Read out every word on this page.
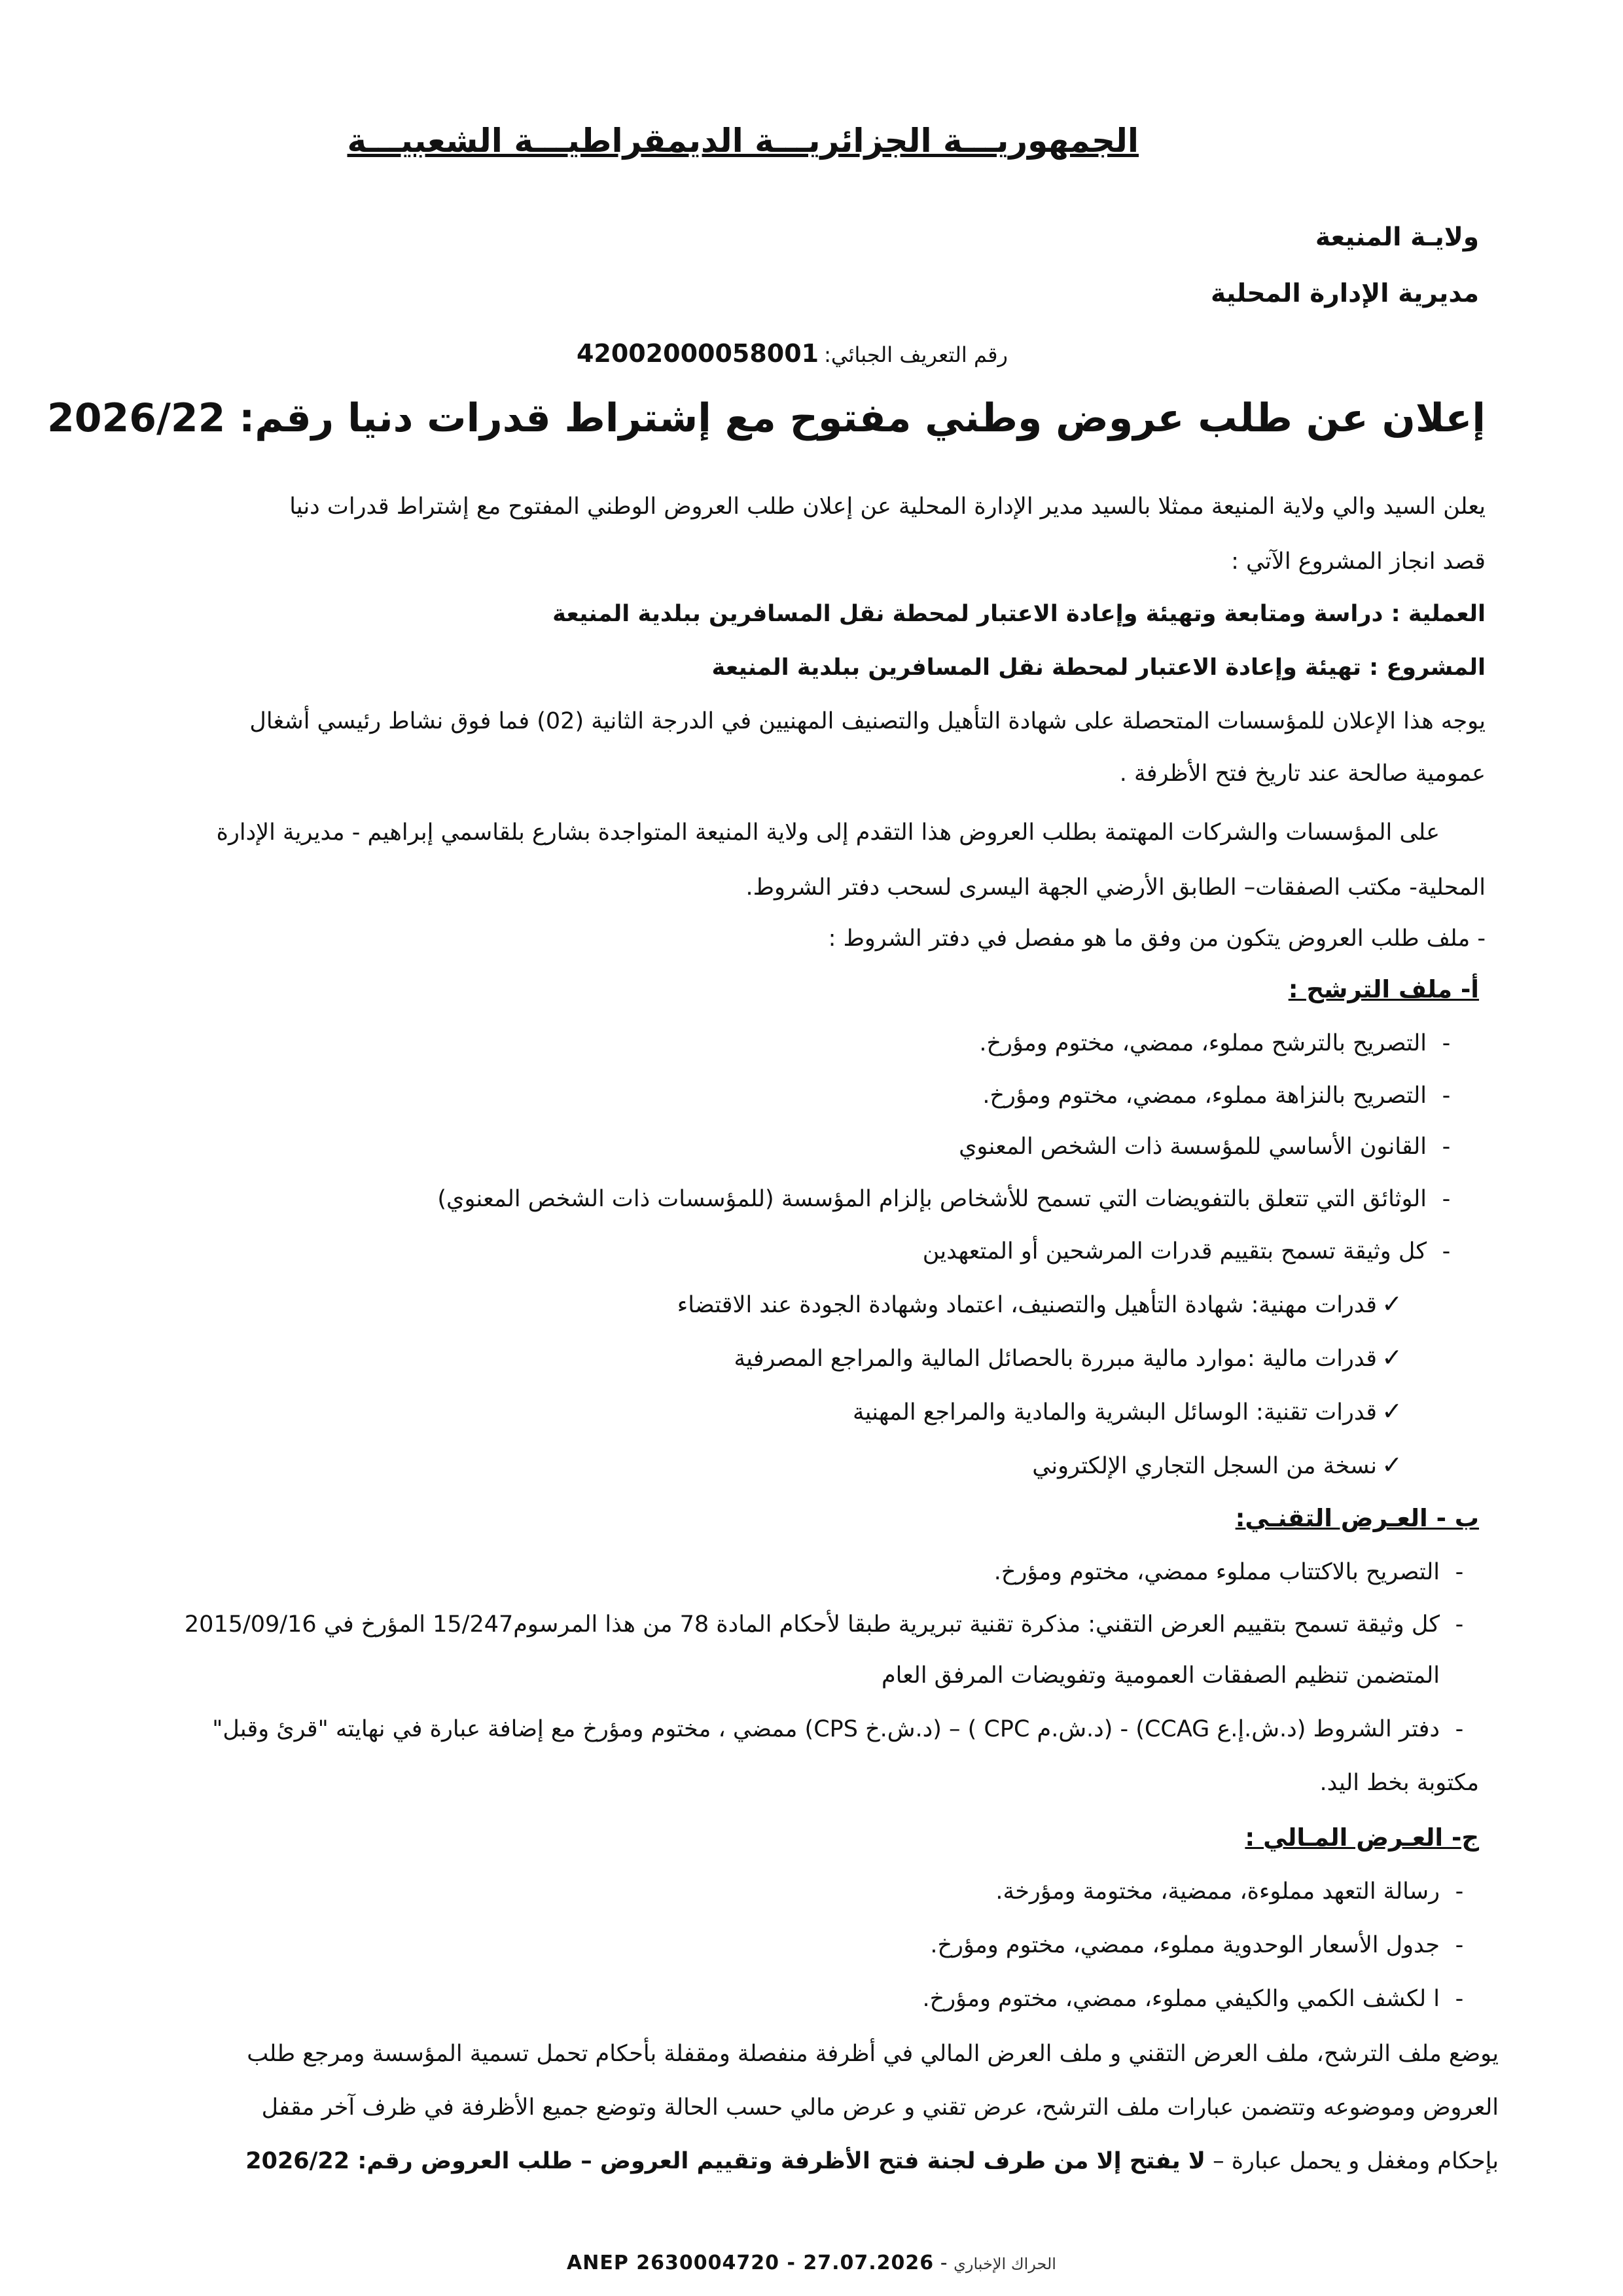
الجمهوريـــة الجزائريـــة الديمقراطيـــة الشعبيـــة
ولايـة المنيعة
مديرية الإدارة المحلية
رقم التعريف الجبائي:42002000058001
إعلان عن طلب عروض وطني مفتوح مع إشتراط قدرات دنيا رقم: 2026/22
يعلن السيد والي ولاية المنيعة ممثلا بالسيد مدير الإدارة المحلية عن إعلان طلب العروض الوطني المفتوح مع إشتراط قدرات دنيا
قصد انجاز المشروع الآتي :
العملية : دراسة ومتابعة وتهيئة وإعادة الاعتبار لمحطة نقل المسافرين ببلدية المنيعة
المشروع : تهيئة وإعادة الاعتبار لمحطة نقل المسافرين ببلدية المنيعة
يوجه هذا الإعلان للمؤسسات المتحصلة على شهادة التأهيل والتصنيف المهنيين في الدرجة الثانية (02) فما فوق نشاط رئيسي أشغال
عمومية صالحة عند تاريخ فتح الأظرفة .
على المؤسسات والشركات المهتمة بطلب العروض هذا التقدم إلى ولاية المنيعة المتواجدة بشارع بلقاسمي إبراهيم - مديرية الإدارة
المحلية- مكتب الصفقات– الطابق الأرضي الجهة اليسرى لسحب دفتر الشروط.
- ملف طلب العروض يتكون من وفق ما هو مفصل في دفتر الشروط :
أ- ملف الترشح :
-التصريح بالترشح مملوء، ممضي، مختوم ومؤرخ.
-التصريح بالنزاهة مملوء، ممضي، مختوم ومؤرخ.
-القانون الأساسي للمؤسسة ذات الشخص المعنوي
-الوثائق التي تتعلق بالتفويضات التي تسمح للأشخاص بإلزام المؤسسة (للمؤسسات ذات الشخص المعنوي)
-كل وثيقة تسمح بتقييم قدرات المرشحين أو المتعهدين
✓قدرات مهنية: شهادة التأهيل والتصنيف، اعتماد وشهادة الجودة عند الاقتضاء
✓قدرات مالية :موارد مالية مبررة بالحصائل المالية والمراجع المصرفية
✓قدرات تقنية: الوسائل البشرية والمادية والمراجع المهنية
✓نسخة من السجل التجاري الإلكتروني
ب - العـرض التقنـي:
-التصريح بالاكتتاب مملوء ممضي، مختوم ومؤرخ.
-كل وثيقة تسمح بتقييم العرض التقني: مذكرة تقنية تبريرية طبقا لأحكام المادة 78 من هذا المرسوم15/247 المؤرخ في 2015/09/16
المتضمن تنظيم الصفقات العمومية وتفويضات المرفق العام
-دفتر الشروط (د.ش.إ.ع CCAG) - (د.ش.م CPC ) – (د.ش.خ CPS) ممضي ، مختوم ومؤرخ مع إضافة عبارة في نهايته "قرئ وقبل"
مكتوبة بخط اليد.
ج- العـرض المـالي :
-رسالة التعهد مملوءة، ممضية، مختومة ومؤرخة.
-جدول الأسعار الوحدوية مملوء، ممضي، مختوم ومؤرخ.
-ا لكشف الكمي والكيفي مملوء، ممضي، مختوم ومؤرخ.
يوضع ملف الترشح، ملف العرض التقني و ملف العرض المالي في أظرفة منفصلة ومقفلة بأحكام تحمل تسمية المؤسسة ومرجع طلب
العروض وموضوعه وتتضمن عبارات ملف الترشح، عرض تقني و عرض مالي حسب الحالة وتوضع جميع الأظرفة في ظرف آخر مقفل
بإحكام ومغفل و يحمل عبارة – لا يفتح إلا من طرف لجنة فتح الأظرفة وتقييم العروض – طلب العروض رقم: 2026/22
ANEP 2630004720 - 27.07.2026 - الحراك الإخباري
